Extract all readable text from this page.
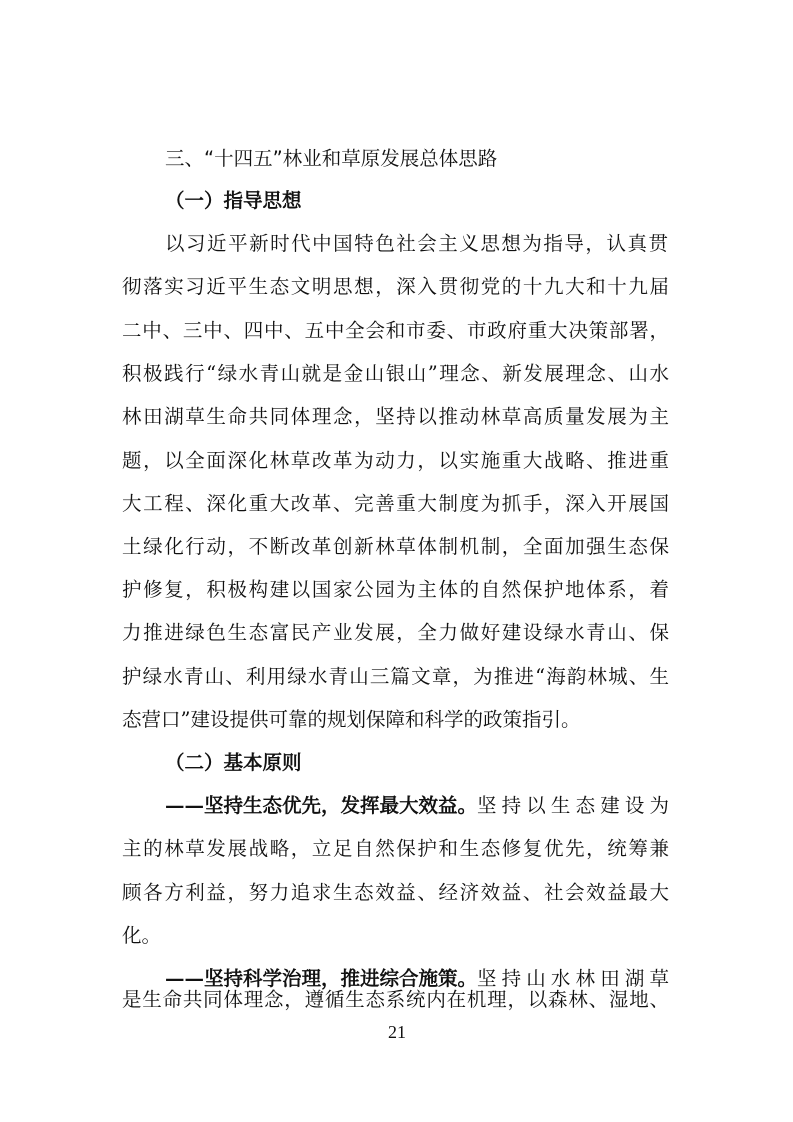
三、“十四五”林业和草原发展总体思路
（一）指导思想
以习近平新时代中国特色社会主义思想为指导，认真贯
彻落实习近平生态文明思想，深入贯彻党的十九大和十九届
二中、三中、四中、五中全会和市委、市政府重大决策部署，
积极践行“绿水青山就是金山银山”理念、新发展理念、山水
林田湖草生命共同体理念，坚持以推动林草高质量发展为主
题，以全面深化林草改革为动力，以实施重大战略、推进重
大工程、深化重大改革、完善重大制度为抓手，深入开展国
土绿化行动，不断改革创新林草体制机制，全面加强生态保
护修复，积极构建以国家公园为主体的自然保护地体系，着
力推进绿色生态富民产业发展，全力做好建设绿水青山、保
护绿水青山、利用绿水青山三篇文章，为推进“海韵林城、生
态营口”建设提供可靠的规划保障和科学的政策指引。
（二）基本原则
——坚持生态优先，发挥最大效益。 坚持以生态建设为
主的林草发展战略，立足自然保护和生态修复优先，统筹兼
顾各方利益，努力追求生态效益、经济效益、社会效益最大
化。
——坚持科学治理，推进综合施策。 坚持山水林田湖草
21
是生命共同体理念，遵循生态系统内在机理，以森林、湿地、
